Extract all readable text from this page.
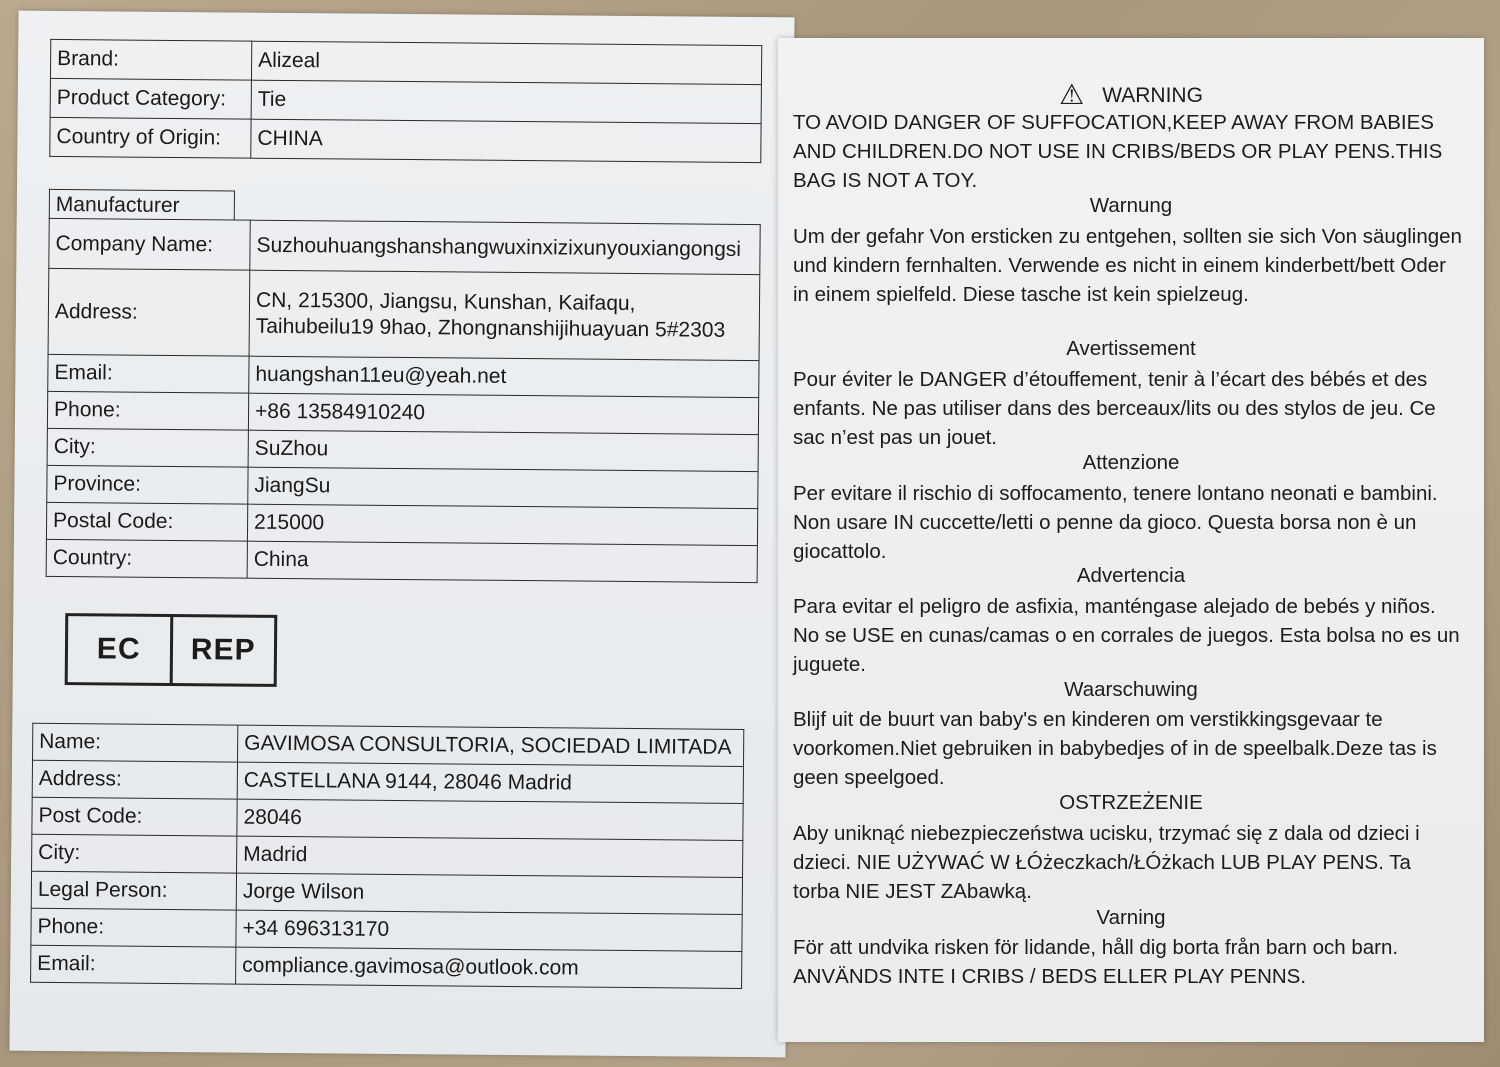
Brand:	Alizeal
Product Category:	Tie
Country of Origin:	CHINA
Manufacturer
Company Name:	Suzhouhuangshanshangwuxinxizixunyouxiangongsi
Address:	CN, 215300, Jiangsu, Kunshan, Kaifaqu, Taihubeilu19 9hao, Zhongnanshijihuayuan 5#2303
Email:	huangshan11eu@yeah.net
Phone:	+86 13584910240
City:	SuZhou
Province:	JiangSu
Postal Code:	215000
Country:	China
EC	REP
Name:	GAVIMOSA CONSULTORIA, SOCIEDAD LIMITADA
Address:	CASTELLANA 9144, 28046 Madrid
Post Code:	28046
City:	Madrid
Legal Person:	Jorge Wilson
Phone:	+34 696313170
Email:	compliance.gavimosa@outlook.com
⚠ WARNING

TO AVOID DANGER OF SUFFOCATION,KEEP AWAY FROM BABIES AND CHILDREN.DO NOT USE IN CRIBS/BEDS OR PLAY PENS.THIS BAG IS NOT A TOY.

Warnung

Um der gefahr Von ersticken zu entgehen, sollten sie sich Von säuglingen und kindern fernhalten. Verwende es nicht in einem kinderbett/bett Oder in einem spielfeld. Diese tasche ist kein spielzeug.

Avertissement

Pour éviter le DANGER d’étouffement, tenir à l’écart des bébés et des enfants. Ne pas utiliser dans des berceaux/lits ou des stylos de jeu. Ce sac n’est pas un jouet.

Attenzione

Per evitare il rischio di soffocamento, tenere lontano neonati e bambini. Non usare IN cuccette/letti o penne da gioco. Questa borsa non è un giocattolo.

Advertencia

Para evitar el peligro de asfixia, manténgase alejado de bebés y niños. No se USE en cunas/camas o en corrales de juegos. Esta bolsa no es un juguete.

Waarschuwing

Blijf uit de buurt van baby's en kinderen om verstikkingsgevaar te voorkomen.Niet gebruiken in babybedjes of in de speelbalk.Deze tas is geen speelgoed.

OSTRZEŻENIE

Aby uniknąć niebezpieczeństwa ucisku, trzymać się z dala od dzieci i dzieci. NIE UŻYWAĆ W ŁÓżeczkach/ŁÓżkach LUB PLAY PENS. Ta torba NIE JEST ZAbawką.

Varning

För att undvika risken för lidande, håll dig borta från barn och barn. ANVÄNDS INTE I CRIBS / BEDS ELLER PLAY PENNS.
